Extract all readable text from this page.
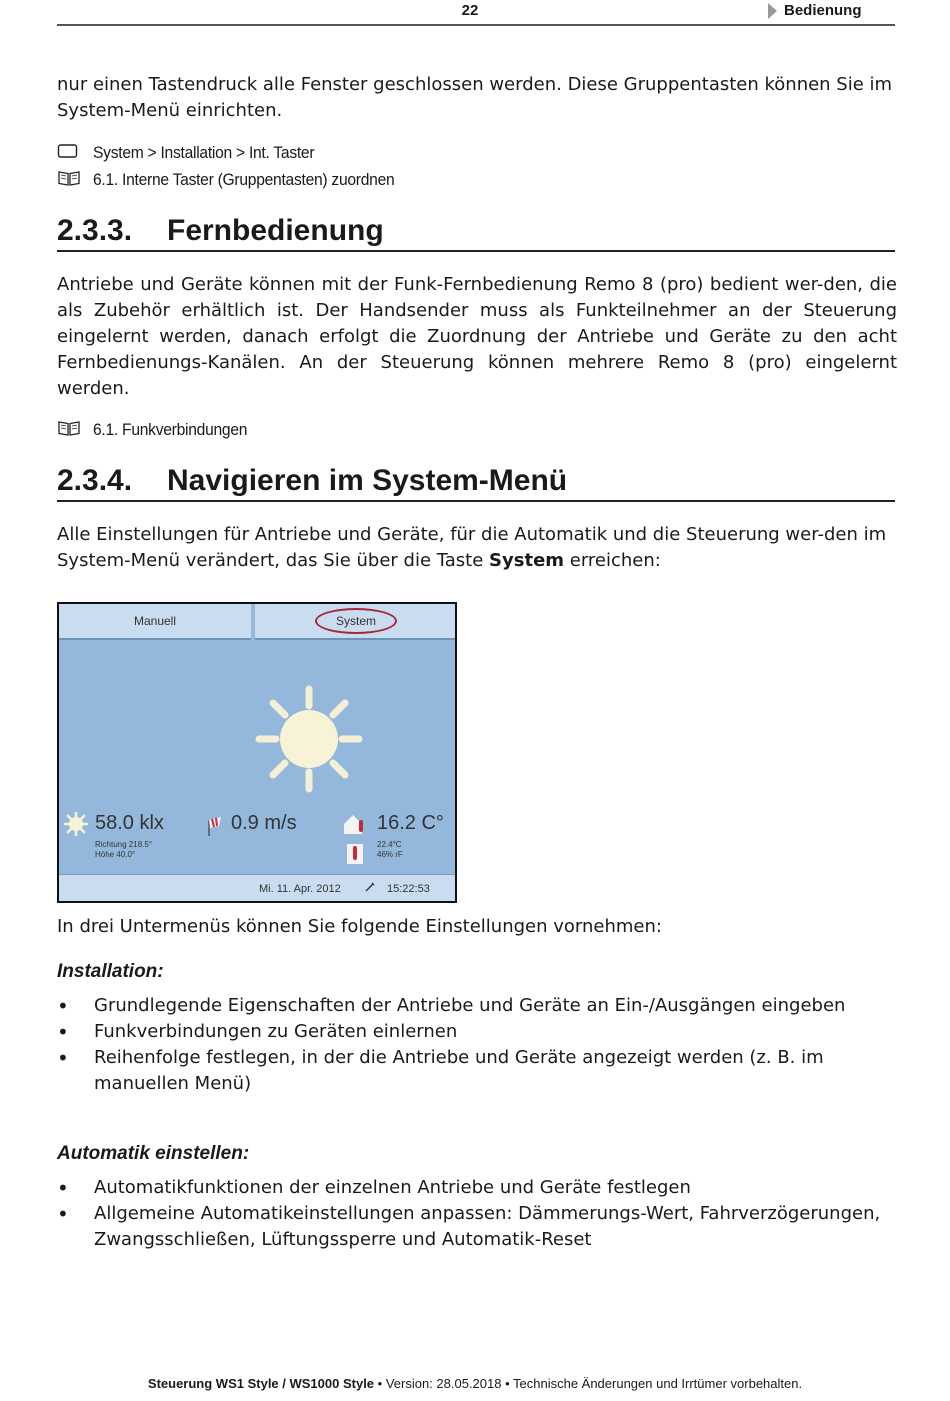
22	Bedienung

nur einen Tastendruck alle Fenster geschlossen werden. Diese Gruppentasten können Sie im System-Menü einrichten.

System > Installation > Int. Taster
6.1. Interne Taster (Gruppentasten) zuordnen
2.3.3. Fernbedienung

Antriebe und Geräte können mit der Funk-Fernbedienung Remo 8 (pro) bedient wer-den, die als Zubehör erhältlich ist. Der Handsender muss als Funkteilnehmer an der Steuerung eingelernt werden, danach erfolgt die Zuordnung der Antriebe und Geräte zu den acht Fernbedienungs-Kanälen. An der Steuerung können mehrere Remo 8 (pro) eingelernt werden.

6.1. Funkverbindungen
2.3.4. Navigieren im System-Menü

Alle Einstellungen für Antriebe und Geräte, für die Automatik und die Steuerung wer-den im System-Menü verändert, das Sie über die Taste System erreichen:

Manuell	System
58.0 klx
Richtung 218.5°
Höhe 40.0°
0.9 m/s	16.2 C°
22.4°C
46% rF
Mi. 11. Apr. 2012	15:22:53

In drei Untermenüs können Sie folgende Einstellungen vornehmen:

Installation:

• Grundlegende Eigenschaften der Antriebe und Geräte an Ein-/Ausgängen eingeben
• Funkverbindungen zu Geräten einlernen
• Reihenfolge festlegen, in der die Antriebe und Geräte angezeigt werden (z. B. im manuellen Menü)

Automatik einstellen:

• Automatikfunktionen der einzelnen Antriebe und Geräte festlegen
• Allgemeine Automatikeinstellungen anpassen: Dämmerungs-Wert, Fahrverzögerungen, Zwangsschließen, Lüftungssperre und Automatik-Reset
Steuerung WS1 Style / WS1000 Style • Version: 28.05.2018 • Technische Änderungen und Irrtümer vorbehalten.
